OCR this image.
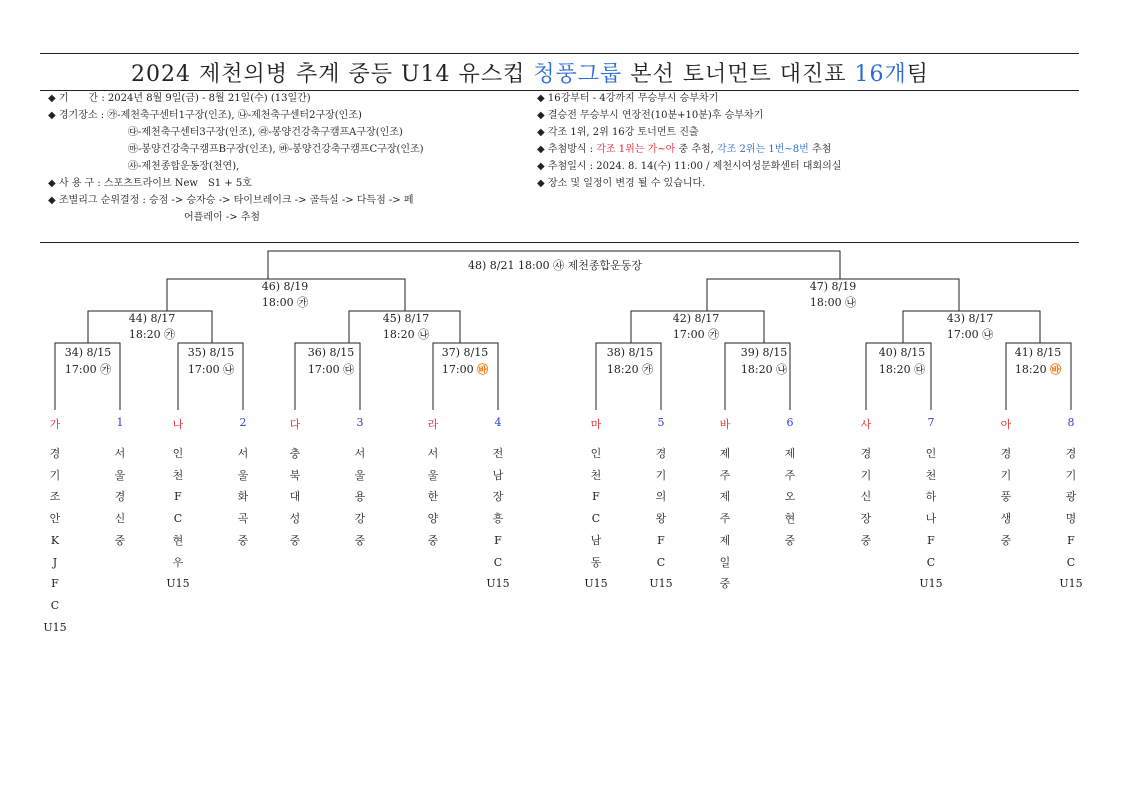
2024 제천의병 추계 중등 U14 유스컵 청풍그룹 본선 토너먼트 대진표 16개팀
◆ 기　　간 : 2024년 8월 9일(금) - 8월 21일(수) (13일간)
◆ 경기장소 : ㉮-제천축구센터1구장(인조), ㉯-제천축구센터2구장(인조)
㉰-제천축구센터3구장(인조), ㉱-봉양건강축구캠프A구장(인조)
㉲-봉양건강축구캠프B구장(인조), ㉳-봉양건강축구캠프C구장(인조)
㉴-제천종합운동장(천연),
◆ 사 용 구 : 스포츠트라이브 New　S1 + 5호
◆ 조별리그 순위결정 : 승점 -> 승자승 -> 타이브레이크 -> 골득실 -> 다득점 -> 페
어플레이 -> 추첨
◆ 16강부터 - 4강까지 무승부시 승부차기
◆ 결승전 무승부시 연장전(10분+10분)후 승부차기
◆ 각조 1위, 2위 16강 토너먼트 진출
◆ 추첨방식 : 각조 1위는 가~아 중 추첨, 각조 2위는 1번~8번 추첨
◆ 추첨일시 : 2024. 8. 14(수) 11:00 / 제천시여성문화센터 대회의실
◆ 장소 및 일정이 변경 될 수 있습니다.
48) 8/21 18:00 ㉴ 제천종합운동장
46) 8/19
18:00 ㉮
47) 8/19
18:00 ㉯
44) 8/17
18:20 ㉮
45) 8/17
18:20 ㉯
42) 8/17
17:00 ㉮
43) 8/17
17:00 ㉯
34) 8/15
17:00 ㉮
35) 8/15
17:00 ㉯
36) 8/15
17:00 ㉰
37) 8/15
17:00 ㉳
38) 8/15
18:20 ㉮
39) 8/15
18:20 ㉯
40) 8/15
18:20 ㉰
41) 8/15
18:20 ㉳
가
경
기
조
안
K
J
F
C
U15
1
서
울
경
신
중
나
인
천
F
C
현
우
U15
2
서
울
화
곡
중
다
충
북
대
성
중
3
서
울
용
강
중
라
서
울
한
양
중
4
전
남
장
흥
F
C
U15
마
인
천
F
C
남
동
U15
5
경
기
의
왕
F
C
U15
바
제
주
제
주
제
일
중
6
제
주
오
현
중
사
경
기
신
장
중
7
인
천
하
나
F
C
U15
아
경
기
풍
생
중
8
경
기
광
명
F
C
U15
